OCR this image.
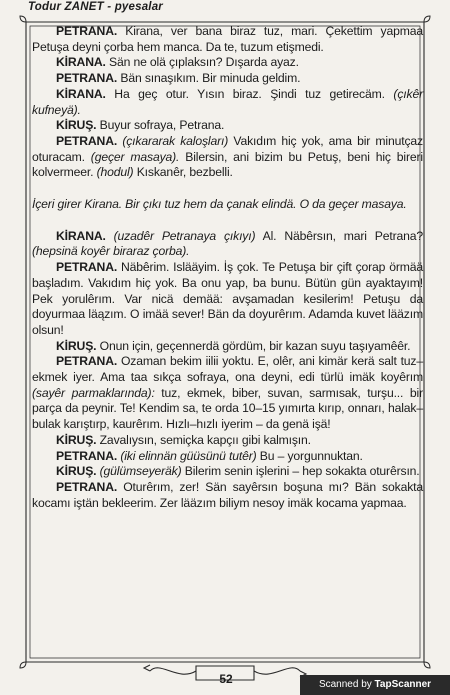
Todur ZANET - pyesalar

PETRANA. Kirana, ver bana biraz tuz, mari. Çekettim yapmaa Petuşa deyni çorba hem manca. Da te, tuzum etişmedi.

KİRANA. Sän ne olä çıplaksın? Dışarda ayaz.

PETRANA. Bän sınaşıkım. Bir minuda geldim.

KİRANA. Ha geç otur. Yısın biraz. Şindi tuz getirecäm. (çıkêr kufneyä).

KİRUŞ. Buyur sofraya, Petrana.

PETRANA. (çıkararak kaloşları) Vakıdım hiç yok, ama bir minutçaz oturacam. (geçer masaya). Bilersin, ani bizim bu Petuş, beni hiç bireri kolvermeer. (hodul) Kıskanêr, bezbelli.

İçeri girer Kirana. Bir çıkı tuz hem da çanak elindä. O da geçer masaya.

KİRANA. (uzadêr Petranaya çıkıyı) Al. Näbêrsın, mari Petrana? (hepsinä koyêr biraraz çorba).

PETRANA. Näbêrim. Islääyim. İş çok. Te Petuşa bir çift çorap örmää başladım. Vakıdım hiç yok. Ba onu yap, ba bunu. Bütün gün ayaktayım! Pek yorulêrım. Var nicä demää: avşamadan kesilerim! Petuşu da doyurmaa läązım. O imää sever! Bän da doyurêrım. Adamda kuvet lääzım olsun!

KİRUŞ. Onun için, geçennerdä gördüm, bir kazan suyu taşıyamêêr.

PETRANA. Ozaman bekim iilii yoktu. E, olêr, ani kimär kerä salt tuz–ekmek iyer. Ama taa sıkça sofraya, ona deyni, edi türlü imäk koyêrım (sayêr parmaklarında): tuz, ekmek, biber, suvan, sarmısak, turşu... bir parça da peynir. Te! Kendim sa, te orda 10–15 yımırta kırıp, onnarı, halak–bulak karıştırp, kaurêrım. Hızlı–hızlı iyerim – da genä işä!

KİRUŞ. Zavalıysın, semiçka kapçıı gibi kalmışın.

PETRANA. (iki elinnän güüsünü tutêr) Bu – yorgunnuktan.

KİRUŞ. (gülümseyeräk) Bilerim senin işlerini – hep sokakta oturêrsın.

PETRANA. Oturêrım, zer! Sän sayêrsın boşuna mı? Bän sokakta kocamı iştän bekleerim. Zer lääzım biliym nesoy imäk kocama yapmaa.

52	Scanned by TapScanner
